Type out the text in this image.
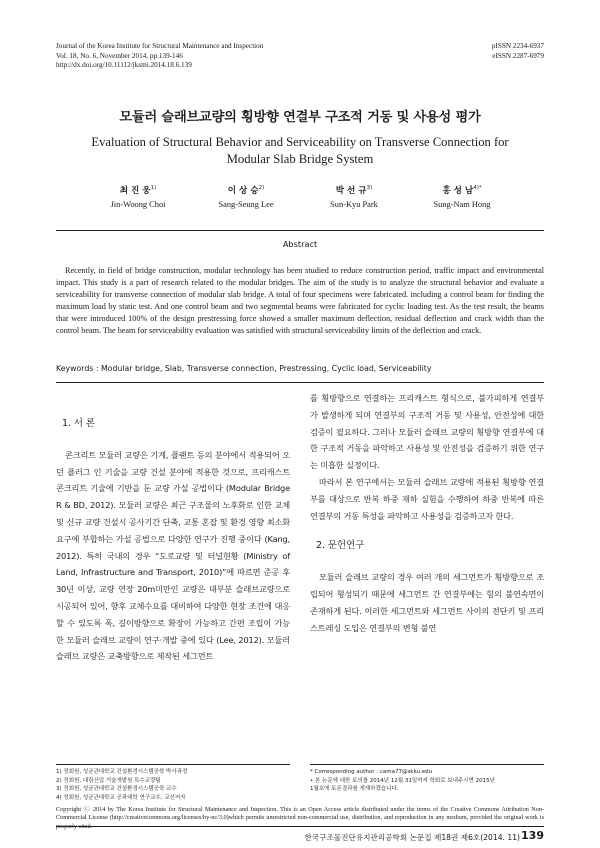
Journal of the Korea Institute for Structural Maintenance and Inspection
Vol. 18, No. 6, November 2014, pp.139-146
http://dx.doi.org/10.11112/jksmi.2014.18.6.139
pISSN 2234-6937
eISSN 2287-6979
모듈러 슬래브교량의 횡방향 연결부 구조적 거동 및 사용성 평가
Evaluation of Structural Behavior and Serviceability on Transverse Connection for
Modular Slab Bridge System
최 진 웅$^{1)}$
Jin-Woong Choi
이 상 승$^{2)}$
Sang-Seung Lee
박 선 규$^{3)}$
Sun-Kyu Park
홍 성 남$^{4)*}$
Sung-Nam Hong
Abstract

Recently, in field of bridge construction, modular technology has been studied to reduce construction period, traffic impact and environmental impact. This study is a part of research related to the modular bridges. The aim of the study is to analyze the structural behavior and evaluate a serviceability for transverse connection of modular slab bridge. A total of four specimens were fabricated. including a control beam for finding the maximum load by static test. And one control beam and two segmental beams were fabricated for cyclic loading test. As the test result, the beams that were introduced 100% of the design prestressing force showed a smaller maximum deflection, residual deflection and crack width than the control beam. The beam for serviceability evaluation was satisfied with structural serviceability limits of the deflection and crack.

Keywords : Modular bridge, Slab, Transverse connection, Prestressing, Cyclic load, Serviceability

1. 서 론

콘크리트 모듈러 교량은 기계, 플랜트 등의 분야에서 적용되어 오던 플러그 인 기술을 교량 건설 분야에 적용한 것으로, 프리캐스트 콘크리트 기술에 기반을 둔 교량 가설 공법이다 (Modular Bridge R & BD, 2012). 모듈러 교량은 최근 구조물의 노후화로 인한 교체 및 신규 교량 건설시 공사기간 단축, 교통 혼잡 및 환경 영향 최소화 요구에 부합하는 가설 공법으로 다양한 연구가 진행 중이다 (Kang, 2012). 특히 국내의 경우 “도로교량 및 터널현황 (Ministry of Land, Infrastructure and Transport, 2010)”에 따르면 준공 후 30년 이상, 교량 연장 20m미만인 교량은 대부분 슬래브교량으로 시공되어 있어, 향후 교체수요를 대비하여 다양한 현장 조건에 대응할 수 있도록 폭, 길이방향으로 확장이 가능하고 간편 조립이 가능한 모듈러 슬래브 교량이 연구·개발 중에 있다 (Lee, 2012). 모듈러 슬래브 교량은 교축방향으로 제작된 세그먼트

를 횡방향으로 연결하는 프리캐스트 형식으로, 불가피하게 연결부가 발생하게 되며 연결부의 구조적 거동 및 사용성, 안전성에 대한 검증이 필요하다. 그러나 모듈러 슬래브 교량의 횡방향 연결부에 대한 구조적 거동을 파악하고 사용성 및 안전성을 검증하기 위한 연구는 미흡한 실정이다.

따라서 본 연구에서는 모듈러 슬래브 교량에 적용된 횡방향 연결부를 대상으로 반복 하중 재하 실험을 수행하여 하중 반복에 따른 연결부의 거동 특성을 파악하고 사용성을 검증하고자 한다.

2. 문헌연구

모듈러 슬래브 교량의 경우 여러 개의 세그먼트가 횡방향으로 조립되어 형성되기 때문에 세그먼트 간 연결부에는 힘의 불연속면이 존재하게 된다. 이러한 세그먼트와 세그먼트 사이의 전단키 및 프리스트레싱 도입은 연결부의 변형 불연

1) 정회원, 성균관대학교 건설환경시스템공학 박사과정
2) 정회원, 대림산업 기술개발원 특수교량팀
3) 정회원, 성균관대학교 건설환경시스템공학 교수
4) 정회원, 성균관대학교 공과대학 연구교수, 교신저자
* Corresponding author : cama77@skku.edu
• 본 논문에 대한 토의를 2014년 12월 31일까지 학회로 보내주시면 2015년
1월호에 토론결과를 게재하겠습니다.
Copyright ⓒ 2014 by The Korea Institute for Structural Maintenance and Inspection. This is an Open Access article distributed under the terms of the Creative Commons Attribution Non-Commercial License (http://creativecommons.org/licenses/by-nc/3.0)which permits unrestricted non-commercial use, distribution, and reproduction in any medium, provided the original work is properly cited.
한국구조물진단유지관리공학회 논문집 제18권 제6호(2014. 11) 139
